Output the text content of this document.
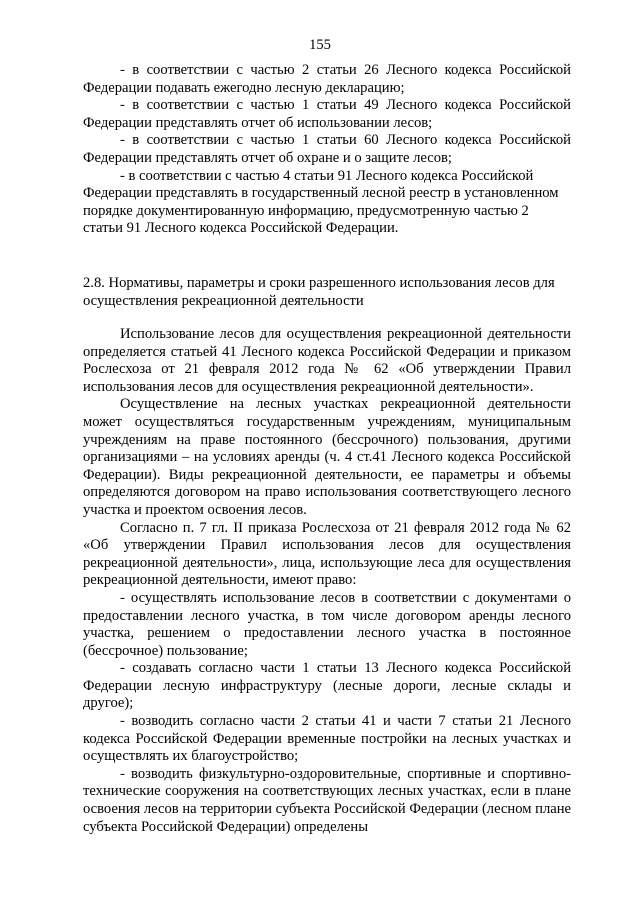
155

- в соответствии с частью 2 статьи 26 Лесного кодекса Российской Федерации подавать ежегодно лесную декларацию;

- в соответствии с частью 1 статьи 49 Лесного кодекса Российской Федерации представлять отчет об использовании лесов;

- в соответствии с частью 1 статьи 60 Лесного кодекса Российской Федерации представлять отчет об охране и о защите лесов;

- в соответствии с частью 4 статьи 91 Лесного кодекса Российской Федерации представлять в государственный лесной реестр в установленном порядке документированную информацию, предусмотренную частью 2 статьи 91 Лесного кодекса Российской Федерации.

2.8. Нормативы, параметры и сроки разрешенного использования лесов для

осуществления рекреационной деятельности

Использование лесов для осуществления рекреационной деятельности определяется статьей 41 Лесного кодекса Российской Федерации и приказом Рослесхоза от 21 февраля 2012 года № 62 «Об утверждении Правил использования лесов для осуществления рекреационной деятельности».

Осуществление на лесных участках рекреационной деятельности может осуществляться государственным учреждениям, муниципальным учреждениям на праве постоянного (бессрочного) пользования, другими организациями – на условиях аренды (ч. 4 ст.41 Лесного кодекса Российской Федерации). Виды рекреационной деятельности, ее параметры и объемы определяются договором на право использования соответствующего лесного участка и проектом освоения лесов.

Согласно п. 7 гл. II приказа Рослесхоза от 21 февраля 2012 года № 62 «Об утверждении Правил использования лесов для осуществления рекреационной деятельности», лица, использующие леса для осуществления рекреационной деятельности, имеют право:

- осуществлять использование лесов в соответствии с документами о предоставлении лесного участка, в том числе договором аренды лесного участка, решением о предоставлении лесного участка в постоянное (бессрочное) пользование;

- создавать согласно части 1 статьи 13 Лесного кодекса Российской Федерации лесную инфраструктуру (лесные дороги, лесные склады и другое);

- возводить согласно части 2 статьи 41 и части 7 статьи 21 Лесного кодекса Российской Федерации временные постройки на лесных участках и осуществлять их благоустройство;

- возводить физкультурно-оздоровительные, спортивные и спортивно-технические сооружения на соответствующих лесных участках, если в плане освоения лесов на территории субъекта Российской Федерации (лесном плане субъекта Российской Федерации) определены
